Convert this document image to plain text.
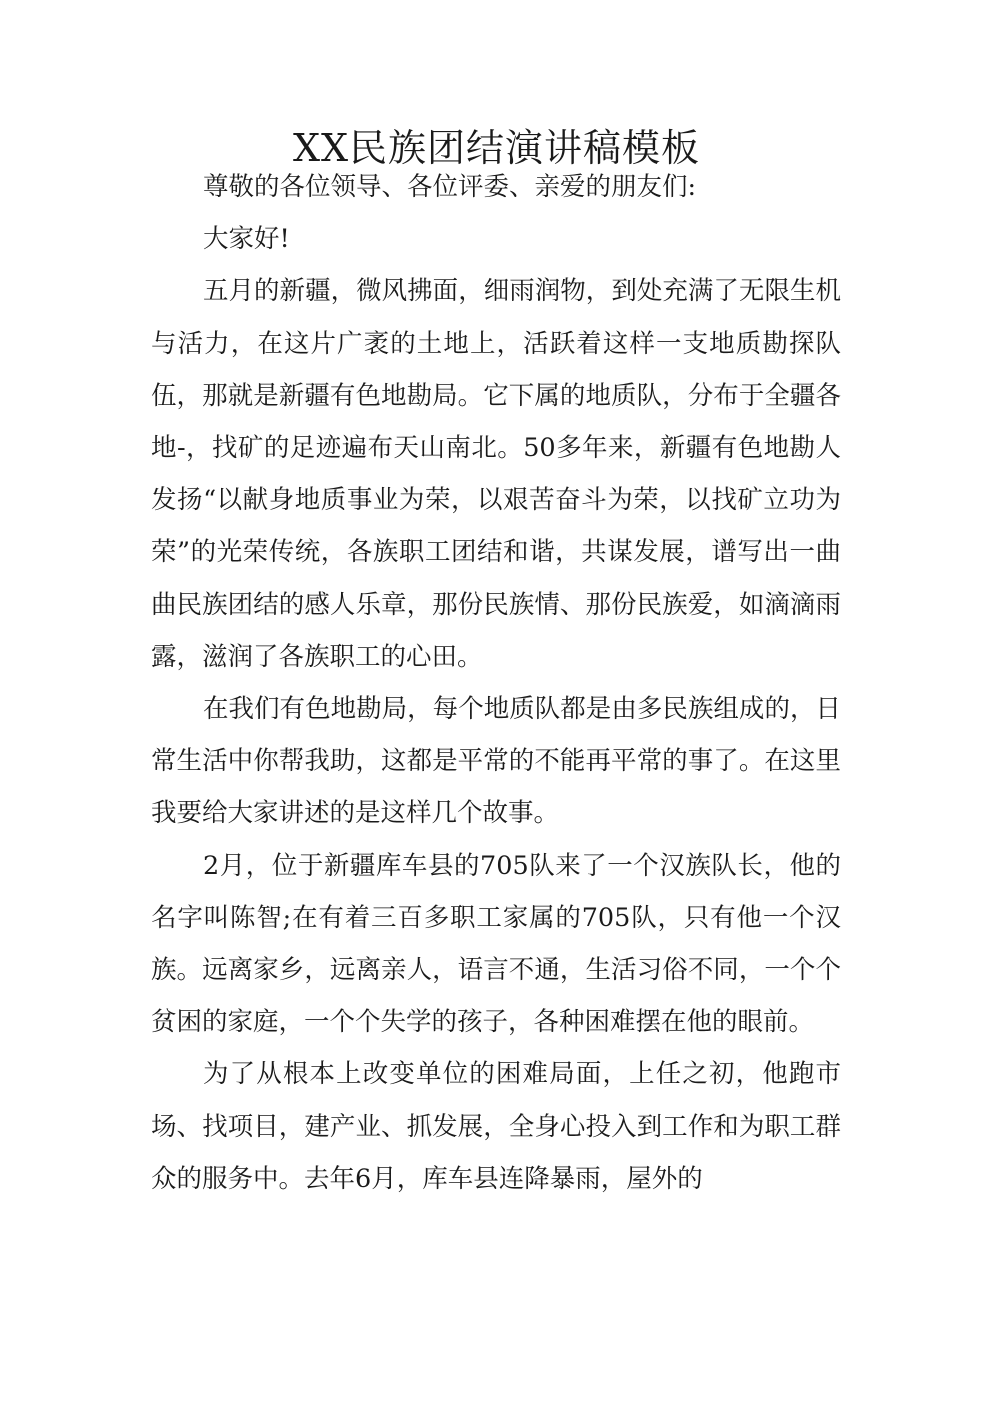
XX民族团结演讲稿模板

尊敬的各位领导、各位评委、亲爱的朋友们:

大家好!

五月的新疆，微风拂面，细雨润物，到处充满了无限生机与活力，在这片广袤的土地上，活跃着这样一支地质勘探队伍，那就是新疆有色地勘局。它下属的地质队，分布于全疆各地-，找矿的足迹遍布天山南北。50多年来，新疆有色地勘人发扬“以献身地质事业为荣，以艰苦奋斗为荣，以找矿立功为荣”的光荣传统，各族职工团结和谐，共谋发展，谱写出一曲曲民族团结的感人乐章，那份民族情、那份民族爱，如滴滴雨露，滋润了各族职工的心田。

在我们有色地勘局，每个地质队都是由多民族组成的，日常生活中你帮我助，这都是平常的不能再平常的事了。在这里我要给大家讲述的是这样几个故事。

2月，位于新疆库车县的705队来了一个汉族队长，他的名字叫陈智;在有着三百多职工家属的705队，只有他一个汉族。远离家乡，远离亲人，语言不通，生活习俗不同，一个个贫困的家庭，一个个失学的孩子，各种困难摆在他的眼前。

为了从根本上改变单位的困难局面，上任之初，他跑市场、找项目，建产业、抓发展，全身心投入到工作和为职工群众的服务中。去年6月，库车县连降暴雨，屋外的
